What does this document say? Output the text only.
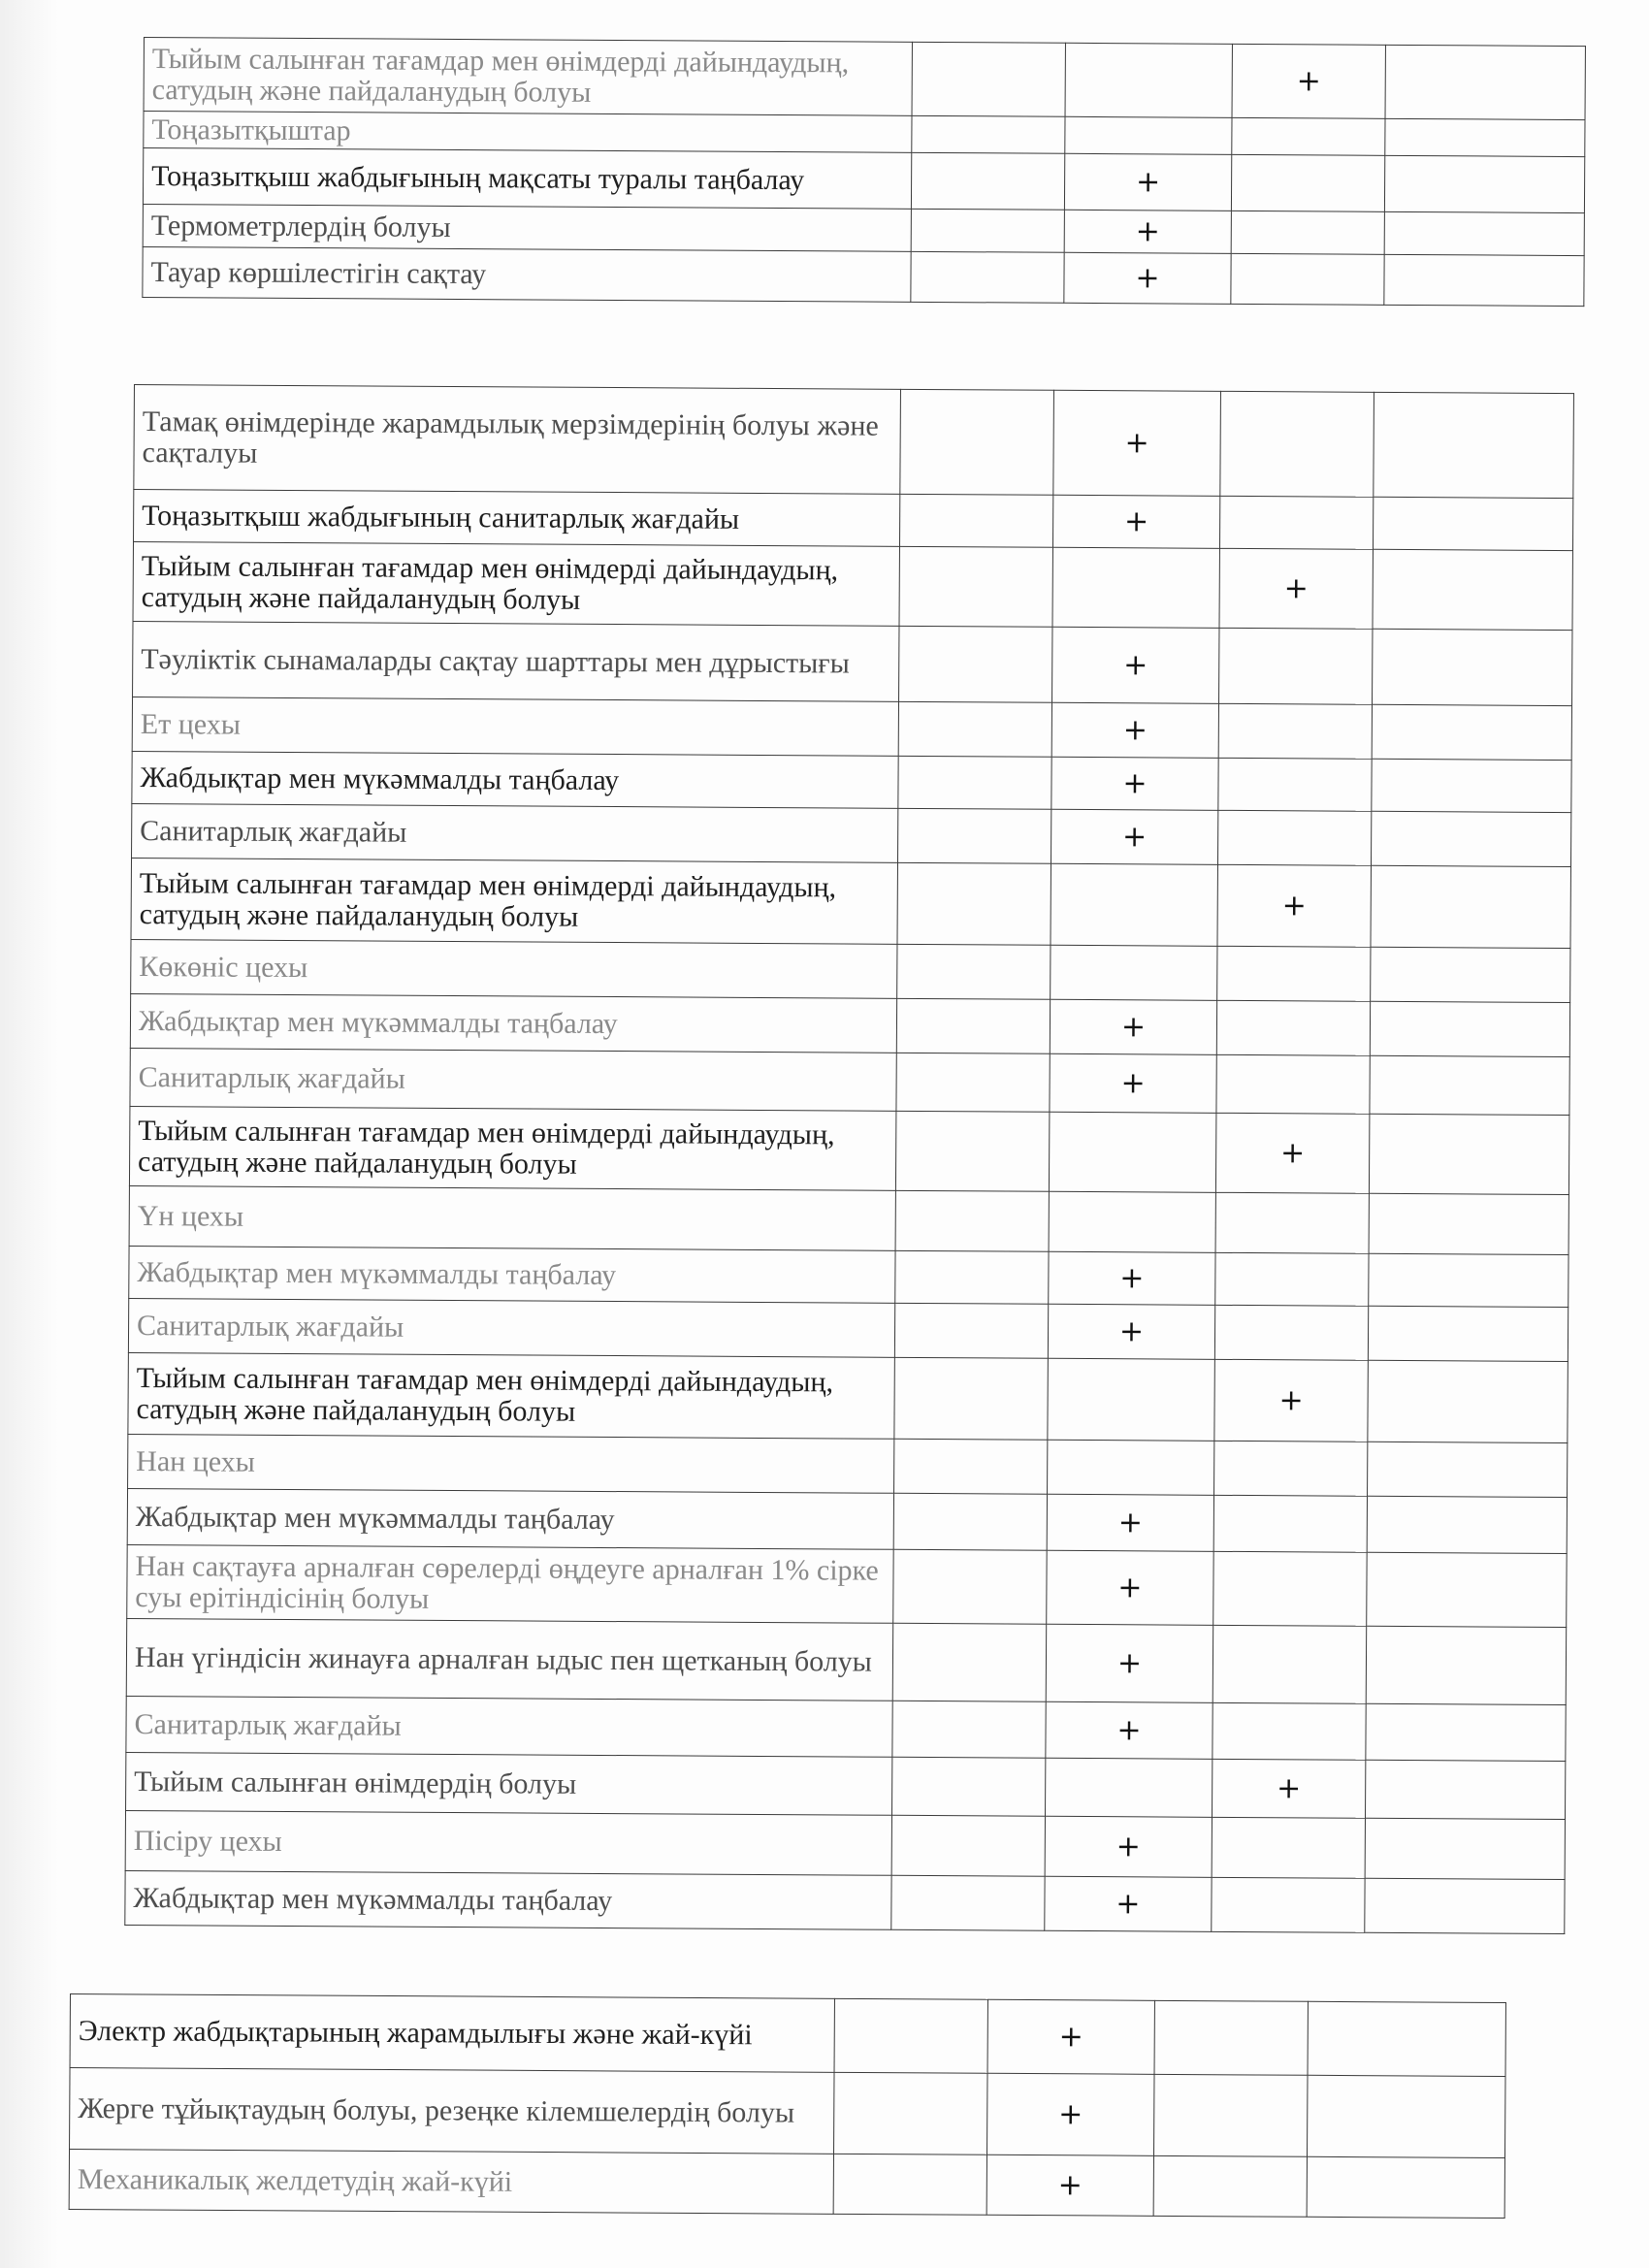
Тыйым салынған тағамдар мен өнімдерді дайындаудың, сатудың және пайдаланудың болуы			+	
Тоңазытқыштар				
Тоңазытқыш жабдығының мақсаты туралы таңбалау		+		
Термометрлердің болуы		+		
Тауар көршілестігін сақтау		+		
Тамақ өнімдерінде жарамдылық мерзімдерінің болуы және сақталуы		+		
Тоңазытқыш жабдығының санитарлық жағдайы		+		
Тыйым салынған тағамдар мен өнімдерді дайындаудың, сатудың және пайдаланудың болуы			+	
Тәуліктік сынамаларды сақтау шарттары мен дұрыстығы		+		
Ет цехы		+		
Жабдықтар мен мүкәммалды таңбалау		+		
Санитарлық жағдайы		+		
Тыйым салынған тағамдар мен өнімдерді дайындаудың, сатудың және пайдаланудың болуы			+	
Көкөніс цехы				
Жабдықтар мен мүкәммалды таңбалау		+		
Санитарлық жағдайы		+		
Тыйым салынған тағамдар мен өнімдерді дайындаудың, сатудың және пайдаланудың болуы			+	
Үн цехы				
Жабдықтар мен мүкәммалды таңбалау		+		
Санитарлық жағдайы		+		
Тыйым салынған тағамдар мен өнімдерді дайындаудың, сатудың және пайдаланудың болуы			+	
Нан цехы				
Жабдықтар мен мүкәммалды таңбалау		+		
Нан сақтауға арналған сөрелерді өңдеуге арналған 1% сірке суы ерітіндісінің болуы		+		
Нан үгіндісін жинауға арналған ыдыс пен щетканың болуы		+		
Санитарлық жағдайы		+		
Тыйым салынған өнімдердің болуы			+	
Пісіру цехы		+		
Жабдықтар мен мүкәммалды таңбалау		+		
Электр жабдықтарының жарамдылығы және жай-күйі		+		
Жерге тұйықтаудың болуы, резеңке кілемшелердің болуы		+		
Механикалық желдетудің жай-күйі		+		
